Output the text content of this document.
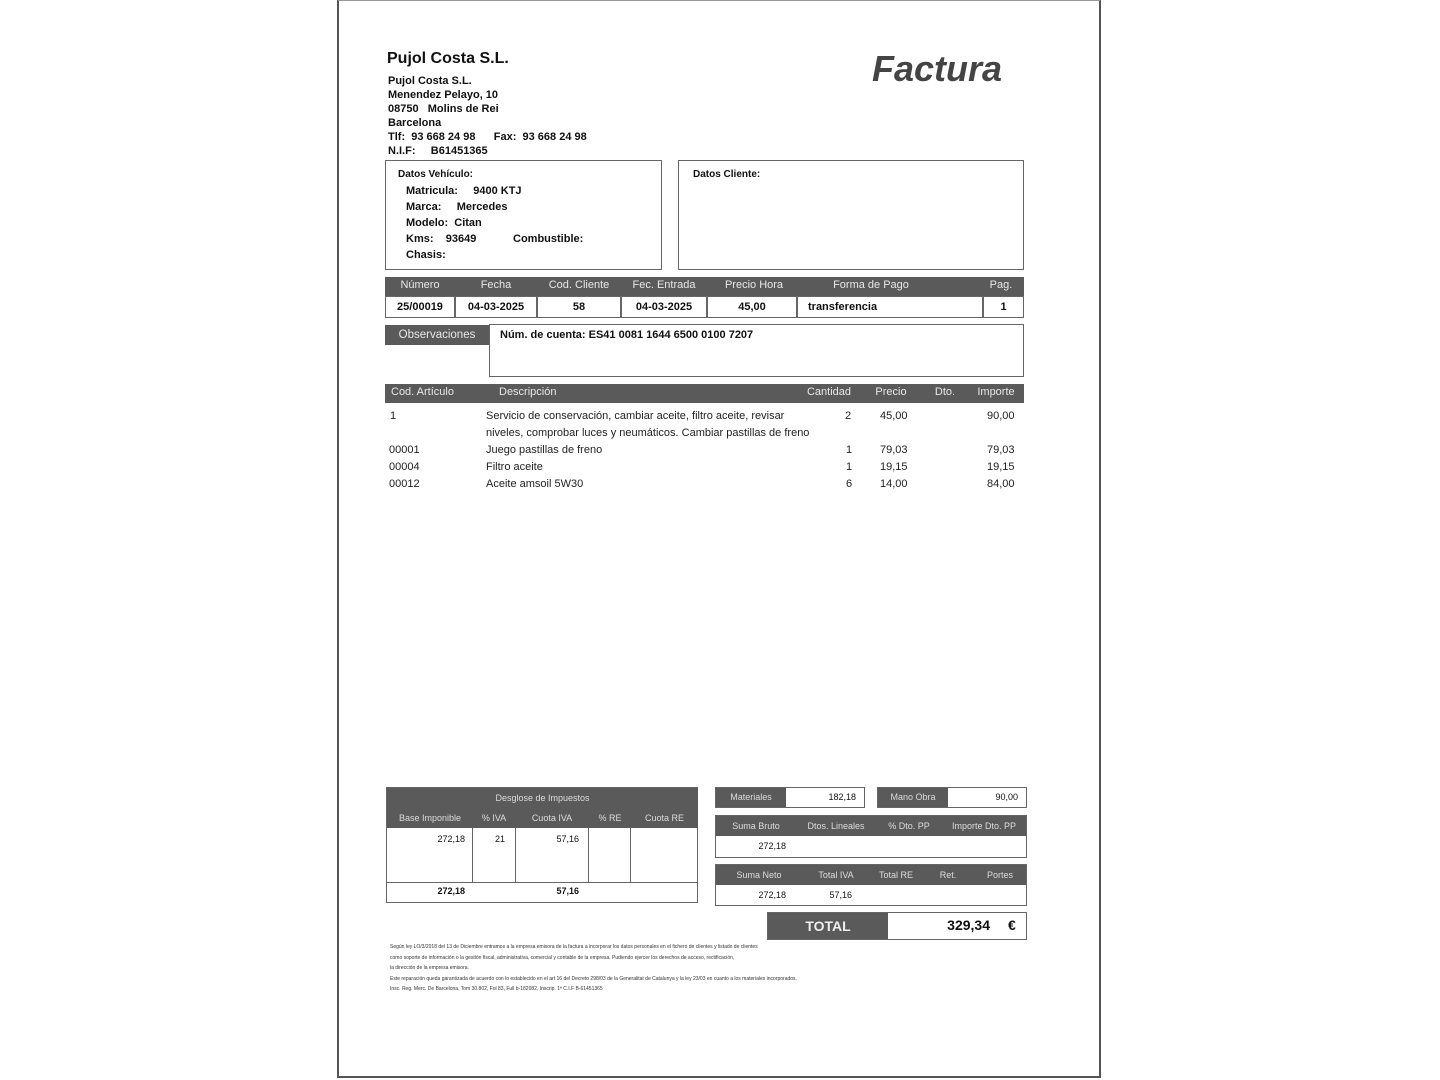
Pujol Costa S.L.
Pujol Costa S.L.
Menendez Pelayo, 10
08750   Molins de Rei
Barcelona
Tlf:  93 668 24 98      Fax:  93 668 24 98
N.I.F:     B61451365
Factura
Datos Vehículo:
Matricula:     9400 KTJ
Marca:     Mercedes
Modelo:  Citan
Kms:    93649	Combustible:
Chasis:
Datos Cliente:
Número	Fecha	Cod. Cliente	Fec. Entrada	Precio Hora	Forma de Pago	Pag.
25/00019	04-03-2025	58	04-03-2025	45,00	transferencia	1
Observaciones	Núm. de cuenta: ES41 0081 1644 6500 0100 7207
Cod. Artículo	Descripción	Cantidad	Precio	Dto.	Importe
1	Servicio de conservación, cambiar aceite, filtro aceite, revisar
niveles, comprobar luces y neumáticos. Cambiar pastillas de freno
2	45,00	90,00
00001	Juego pastillas de freno	1	79,03	79,03
00004	Filtro aceite	1	19,15	19,15
00012	Aceite amsoil 5W30	6	14,00	84,00
Desglose de Impuestos
Base Imponible	% IVA	Cuota IVA	% RE	Cuota RE
272,18	21	57,16
272,18	57,16
Materiales	182,18	Mano Obra	90,00
Suma Bruto	Dtos. Lineales	% Dto. PP	Importe Dto. PP
272,18
Suma Neto	Total IVA	Total RE	Ret.	Portes
272,18	57,16
TOTAL	329,34 €
Según ley LO/3/2018 del 13 de Diciembre entramos a la empresa emisora de la factura a incorporar los datos personales en el fichero de clientes y listado de clientes
como soporte de información o la gestión fiscal, administrativa, comercial y contable de la empresa. Pudiendo ejercer los derechos de acceso, rectificación,
la dirección de la empresa emisora.
Este reparación queda garantizada de acuerdo con lo establecido en el art 16 del Decreto 298/03 de la Generalitat de Catalunya y la ley 23/03 en cuanto a los materiales incorporados.
Insc. Reg. Merc. De Barcelona, Tom 30.802, Fol 83, Full b-182082, Inscrip. 1ª C.I.F B-61451365
